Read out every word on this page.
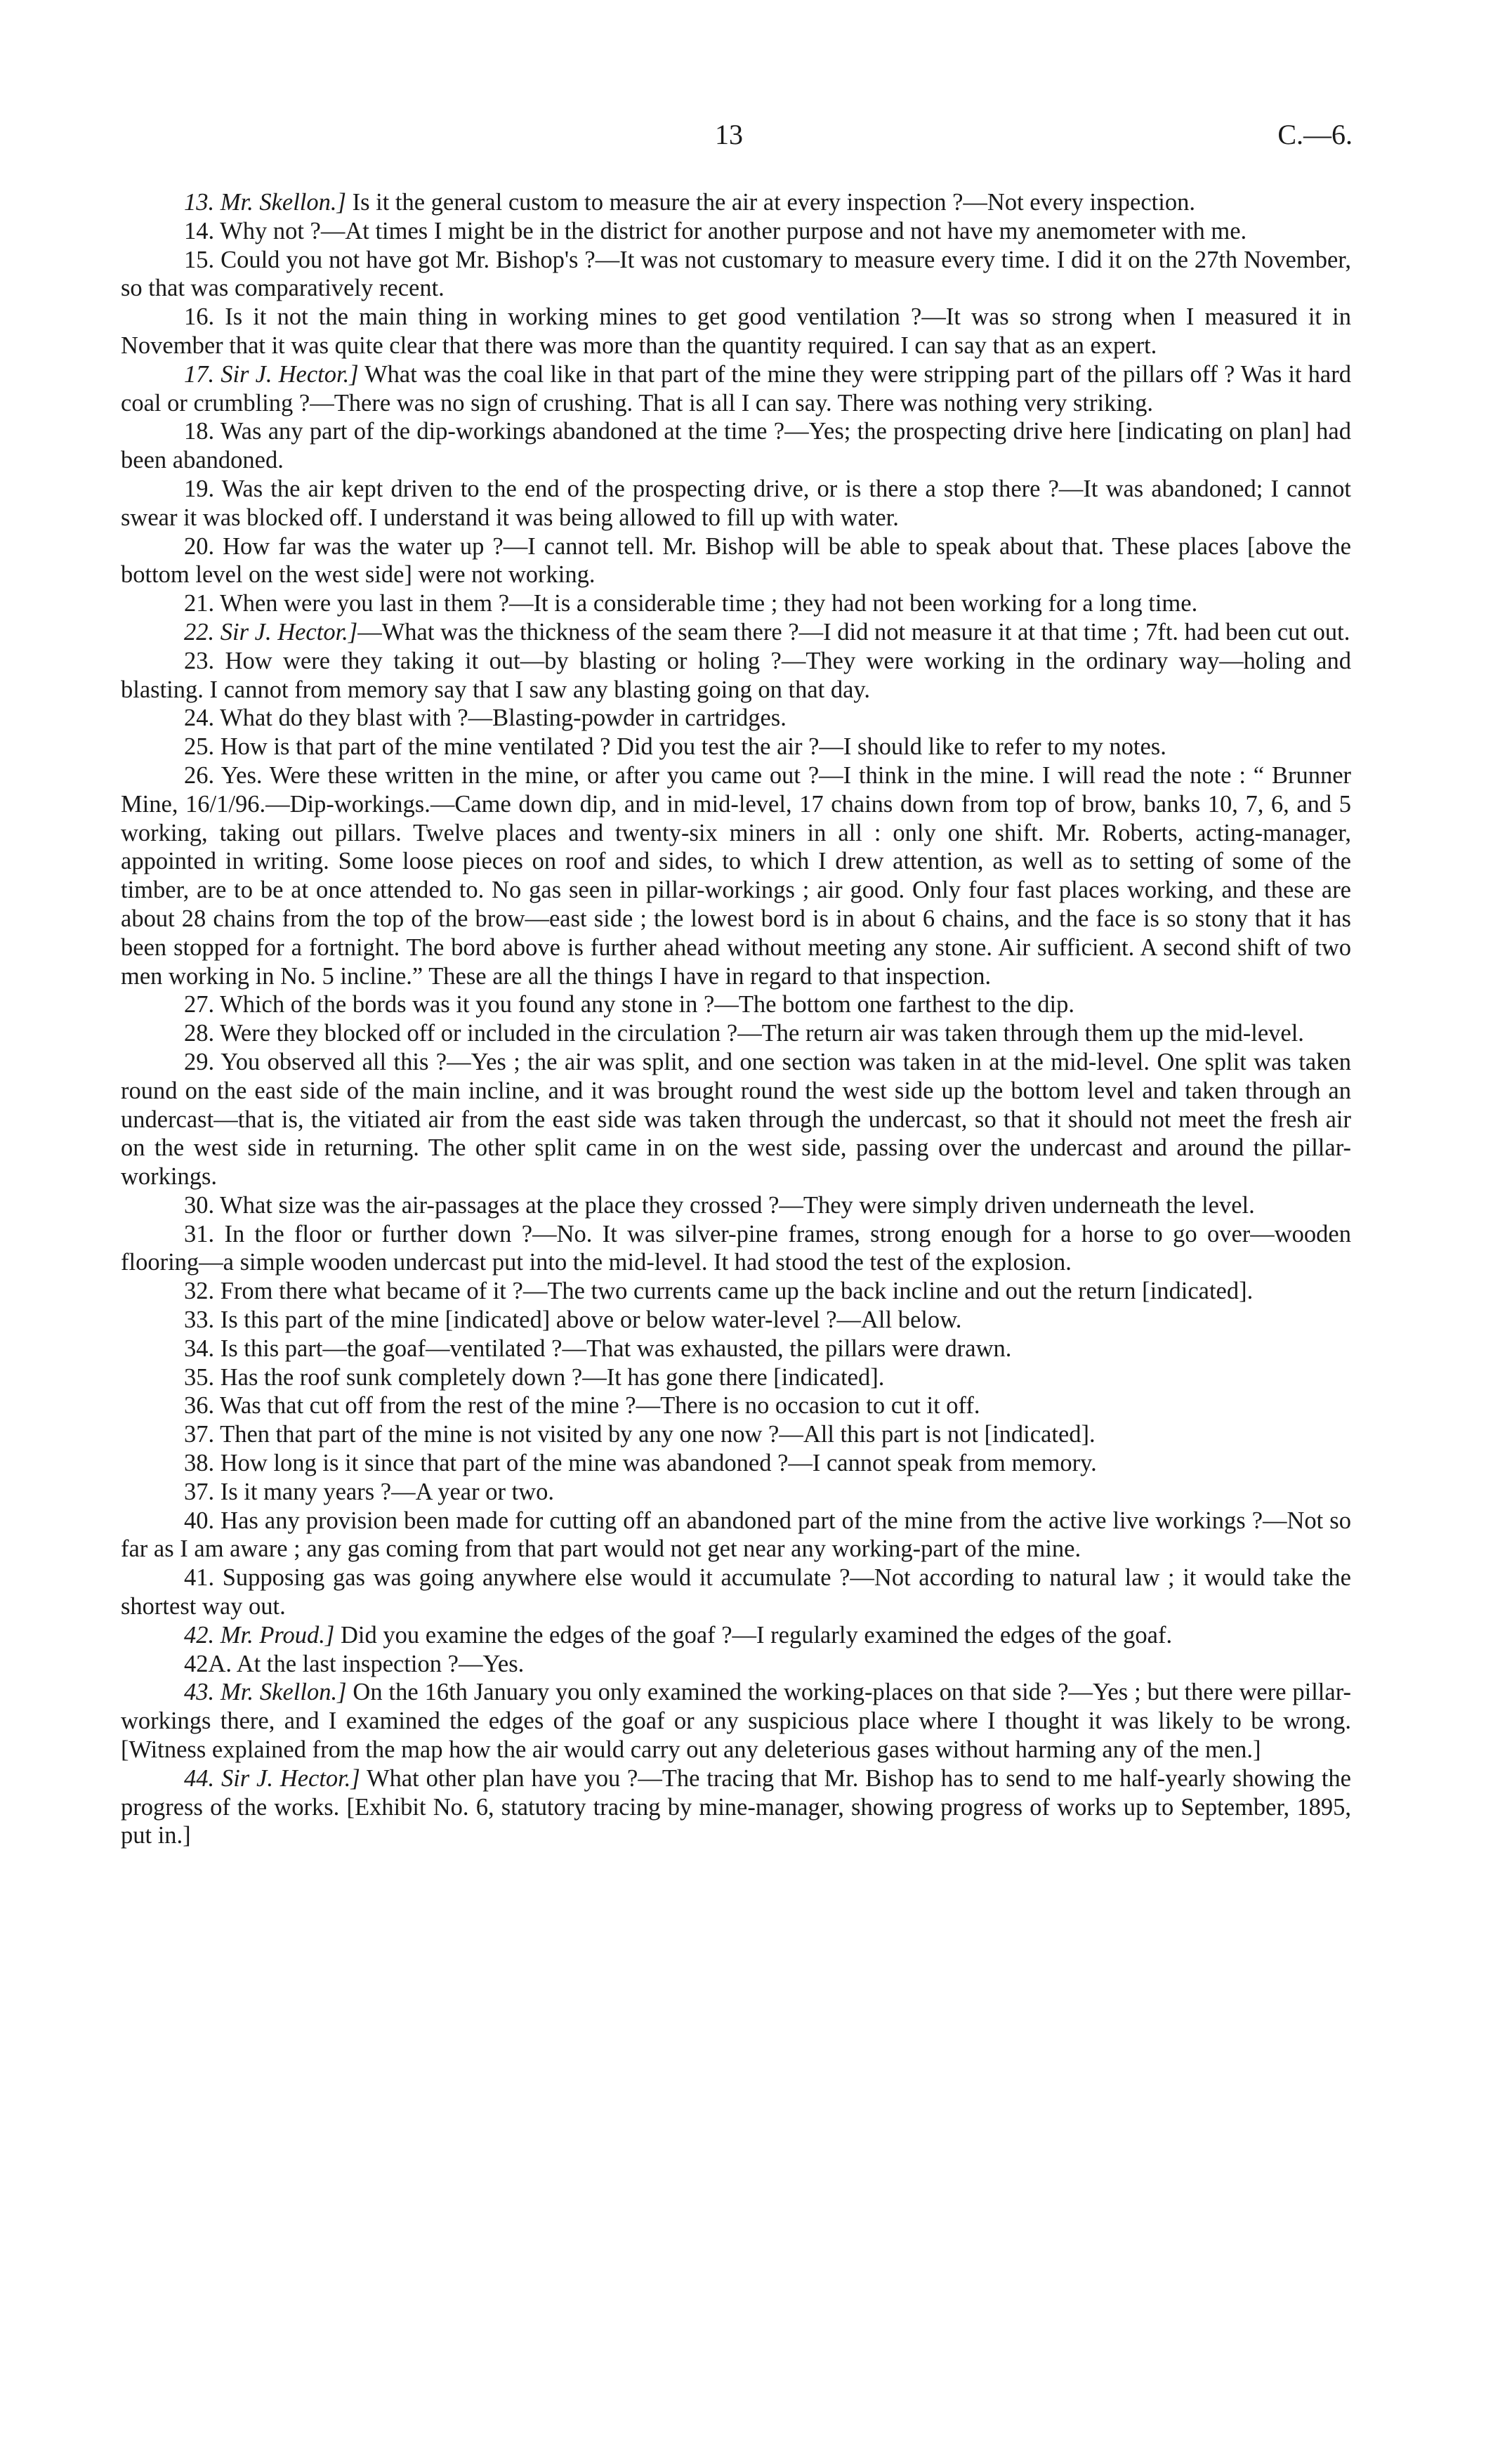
13	C.—6.

13. Mr. Skellon.] Is it the general custom to measure the air at every inspection ?—Not every inspection.

14. Why not ?—At times I might be in the district for another purpose and not have my anemometer with me.

15. Could you not have got Mr. Bishop's ?—It was not customary to measure every time. I did it on the 27th November, so that was comparatively recent.

16. Is it not the main thing in working mines to get good ventilation ?—It was so strong when I measured it in November that it was quite clear that there was more than the quantity required. I can say that as an expert.

17. Sir J. Hector.] What was the coal like in that part of the mine they were stripping part of the pillars off ? Was it hard coal or crumbling ?—There was no sign of crushing. That is all I can say. There was nothing very striking.

18. Was any part of the dip-workings abandoned at the time ?—Yes; the prospecting drive here [indicating on plan] had been abandoned.

19. Was the air kept driven to the end of the prospecting drive, or is there a stop there ?—It was abandoned; I cannot swear it was blocked off. I understand it was being allowed to fill up with water.

20. How far was the water up ?—I cannot tell. Mr. Bishop will be able to speak about that. These places [above the bottom level on the west side] were not working.

21. When were you last in them ?—It is a considerable time ; they had not been working for a long time.

22. Sir J. Hector.]—What was the thickness of the seam there ?—I did not measure it at that time ; 7ft. had been cut out.

23. How were they taking it out—by blasting or holing ?—They were working in the ordinary way—holing and blasting. I cannot from memory say that I saw any blasting going on that day.

24. What do they blast with ?—Blasting-powder in cartridges.

25. How is that part of the mine ventilated ? Did you test the air ?—I should like to refer to my notes.

26. Yes. Were these written in the mine, or after you came out ?—I think in the mine. I will read the note : “ Brunner Mine, 16/1/96.—Dip-workings.—Came down dip, and in mid-level, 17 chains down from top of brow, banks 10, 7, 6, and 5 working, taking out pillars. Twelve places and twenty-six miners in all : only one shift. Mr. Roberts, acting-manager, appointed in writing. Some loose pieces on roof and sides, to which I drew attention, as well as to setting of some of the timber, are to be at once attended to. No gas seen in pillar-workings ; air good. Only four fast places working, and these are about 28 chains from the top of the brow—east side ; the lowest bord is in about 6 chains, and the face is so stony that it has been stopped for a fortnight. The bord above is further ahead without meeting any stone. Air sufficient. A second shift of two men working in No. 5 incline.” These are all the things I have in regard to that inspection.

27. Which of the bords was it you found any stone in ?—The bottom one farthest to the dip.

28. Were they blocked off or included in the circulation ?—The return air was taken through them up the mid-level.

29. You observed all this ?—Yes ; the air was split, and one section was taken in at the mid-level. One split was taken round on the east side of the main incline, and it was brought round the west side up the bottom level and taken through an undercast—that is, the vitiated air from the east side was taken through the undercast, so that it should not meet the fresh air on the west side in returning. The other split came in on the west side, passing over the undercast and around the pillar-workings.

30. What size was the air-passages at the place they crossed ?—They were simply driven underneath the level.

31. In the floor or further down ?—No. It was silver-pine frames, strong enough for a horse to go over—wooden flooring—a simple wooden undercast put into the mid-level. It had stood the test of the explosion.

32. From there what became of it ?—The two currents came up the back incline and out the return [indicated].

33. Is this part of the mine [indicated] above or below water-level ?—All below.

34. Is this part—the goaf—ventilated ?—That was exhausted, the pillars were drawn.

35. Has the roof sunk completely down ?—It has gone there [indicated].

36. Was that cut off from the rest of the mine ?—There is no occasion to cut it off.

37. Then that part of the mine is not visited by any one now ?—All this part is not [indicated].

38. How long is it since that part of the mine was abandoned ?—I cannot speak from memory.

37. Is it many years ?—A year or two.

40. Has any provision been made for cutting off an abandoned part of the mine from the active live workings ?—Not so far as I am aware ; any gas coming from that part would not get near any working-part of the mine.

41. Supposing gas was going anywhere else would it accumulate ?—Not according to natural law ; it would take the shortest way out.

42. Mr. Proud.] Did you examine the edges of the goaf ?—I regularly examined the edges of the goaf.

42A. At the last inspection ?—Yes.

43. Mr. Skellon.] On the 16th January you only examined the working-places on that side ?—Yes ; but there were pillar-workings there, and I examined the edges of the goaf or any suspicious place where I thought it was likely to be wrong. [Witness explained from the map how the air would carry out any deleterious gases without harming any of the men.]

44. Sir J. Hector.] What other plan have you ?—The tracing that Mr. Bishop has to send to me half-yearly showing the progress of the works. [Exhibit No. 6, statutory tracing by mine-manager, showing progress of works up to September, 1895, put in.]
